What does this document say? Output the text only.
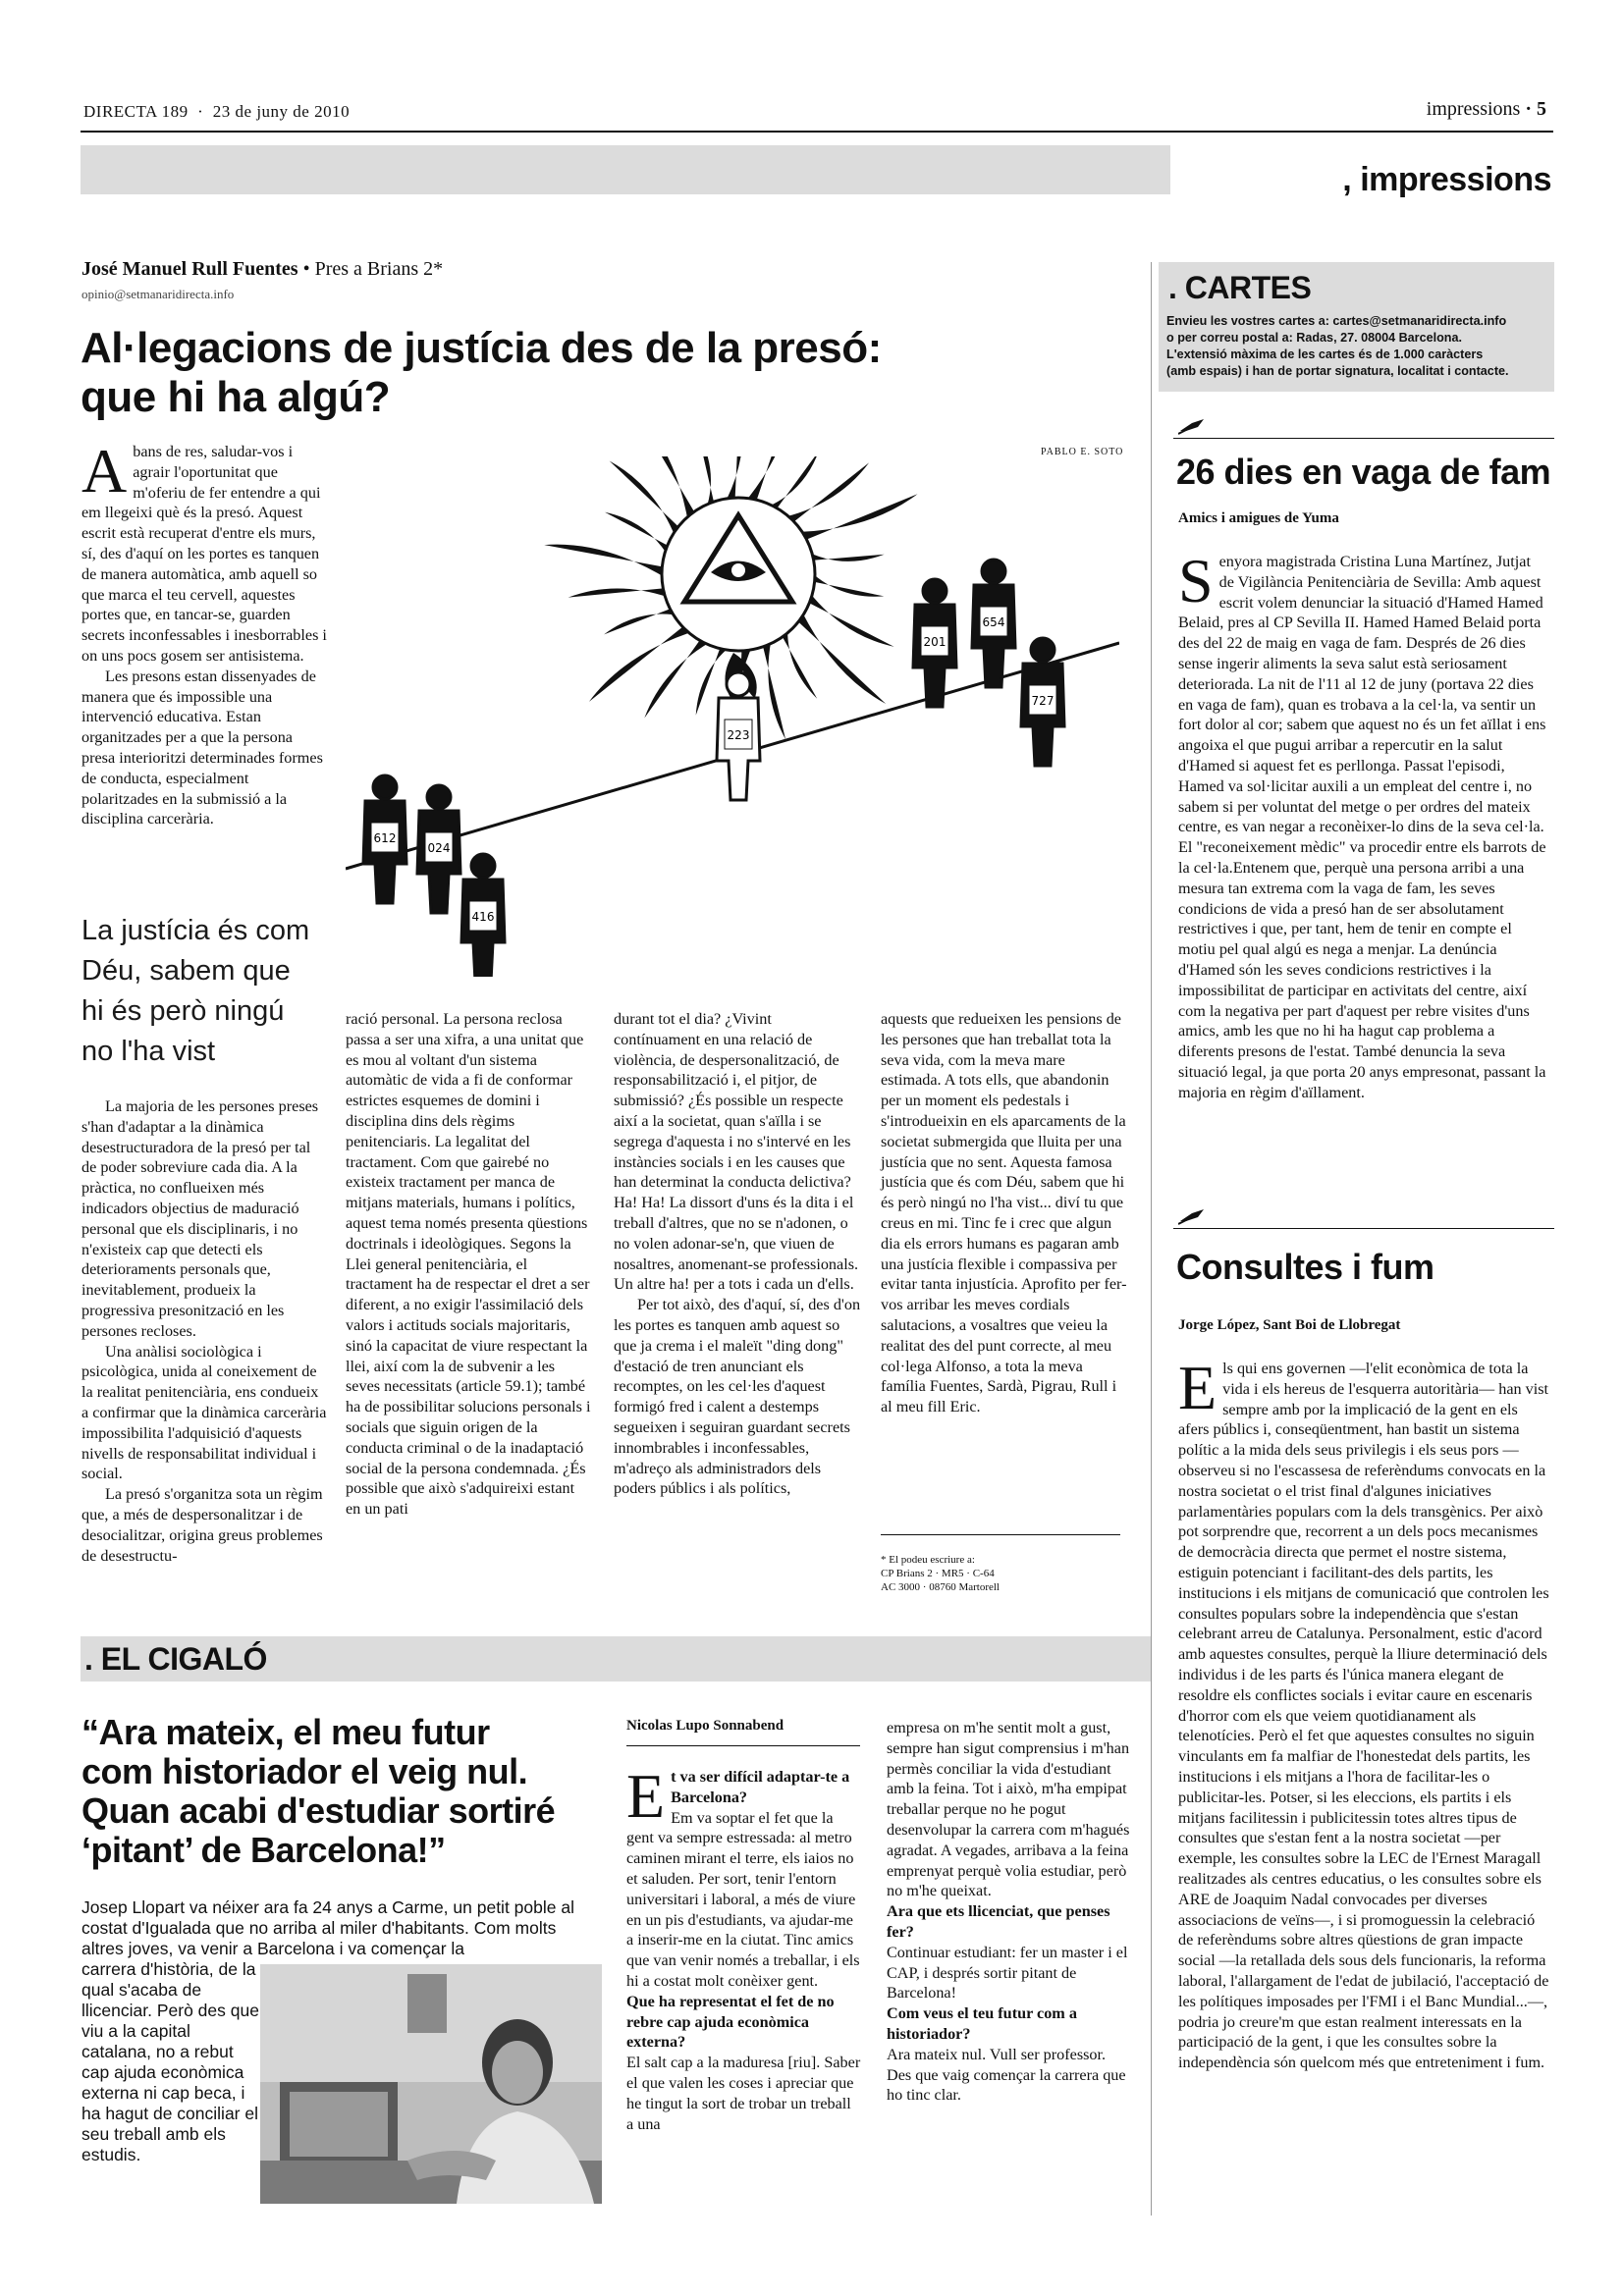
DIRECTA 189  ·  23 de juny de 2010	impressions · 5
, impressions
José Manuel Rull Fuentes • Pres a Brians 2*
opinio@setmanaridirecta.info
Al·legacions de justícia des de la presó:
que hi ha algú?

Abans de res, saludar-vos i agrair l'oportunitat que m'oferiu de fer entendre a qui em llegeixi què és la presó. Aquest escrit està recuperat d'entre els murs, sí, des d'aquí on les portes es tanquen de manera automàtica, amb aquell so que marca el teu cervell, aquestes portes que, en tancar-se, guarden secrets inconfessables i inesborrables i on uns pocs gosem ser antisistema.

Les presons estan dissenyades de manera que és impossible una intervenció educativa. Estan organitzades per a que la persona presa interioritzi determinades formes de conducta, especialment polaritzades en la submissió a la disciplina carcerària.

La justícia és com Déu, sabem que hi és però ningú no l'ha vist

La majoria de les persones preses s'han d'adaptar a la dinàmica desestructuradora de la presó per tal de poder sobreviure cada dia. A la pràctica, no conflueixen més indicadors objectius de maduració personal que els disciplinaris, i no n'existeix cap que detecti els deterioraments personals que, inevitablement, produeix la progressiva presonització en les persones recloses.

Una anàlisi sociològica i psicològica, unida al coneixement de la realitat penitenciària, ens condueix a confirmar que la dinàmica carcerària impossibilita l'adquisició d'aquests nivells de responsabilitat individual i social.

La presó s'organitza sota un règim que, a més de despersonalitzar i de desocialitzar, origina greus problemes de desestructu-

PABLO E. SOTO
612
024
416
223
201
654
727
ració personal. La persona reclosa passa a ser una xifra, a una unitat que es mou al voltant d'un sistema automàtic de vida a fi de conformar estrictes esquemes de domini i disciplina dins dels règims penitenciaris. La legalitat del tractament. Com que gairebé no existeix tractament per manca de mitjans materials, humans i polítics, aquest tema només presenta qüestions doctrinals i ideològiques. Segons la Llei general penitenciària, el tractament ha de respectar el dret a ser diferent, a no exigir l'assimilació dels valors i actituds socials majoritaris, sinó la capacitat de viure respectant la llei, així com la de subvenir a les seves necessitats (article 59.1); també ha de possibilitar solucions personals i socials que siguin origen de la conducta criminal o de la inadaptació social de la persona condemnada. ¿És possible que això s'adquireixi estant en un pati

durant tot el dia? ¿Vivint contínuament en una relació de violència, de despersonalització, de responsabilització i, el pitjor, de submissió? ¿És possible un respecte així a la societat, quan s'aïlla i se segrega d'aquesta i no s'intervé en les instàncies socials i en les causes que han determinat la conducta delictiva? Ha! Ha! La dissort d'uns és la dita i el treball d'altres, que no se n'adonen, o no volen adonar-se'n, que viuen de nosaltres, anomenant-se professionals. Un altre ha! per a tots i cada un d'ells.

Per tot això, des d'aquí, sí, des d'on les portes es tanquen amb aquest so que ja crema i el maleït "ding dong" d'estació de tren anunciant els recomptes, on les cel·les d'aquest formigó fred i calent a destemps segueixen i seguiran guardant secrets innombrables i inconfessables, m'adreço als administradors dels poders públics i als polítics,

aquests que redueixen les pensions de les persones que han treballat tota la seva vida, com la meva mare estimada. A tots ells, que abandonin per un moment els pedestals i s'introdueixin en els aparcaments de la societat submergida que lluita per una justícia que no sent. Aquesta famosa justícia que és com Déu, sabem que hi és però ningú no l'ha vist... diví tu que creus en mi. Tinc fe i crec que algun dia els errors humans es pagaran amb una justícia flexible i compassiva per evitar tanta injustícia. Aprofito per fer-vos arribar les meves cordials salutacions, a vosaltres que veieu la realitat des del punt correcte, al meu col·lega Alfonso, a tota la meva família Fuentes, Sardà, Pigrau, Rull i al meu fill Eric.
* El podeu escriure a:
CP Brians 2 · MR5 · C-64
AC 3000 · 08760 Martorell
. CARTES
Envieu les vostres cartes a: cartes@setmanaridirecta.info
o per correu postal a: Radas, 27. 08004 Barcelona.
L'extensió màxima de les cartes és de 1.000 caràcters
(amb espais) i han de portar signatura, localitat i contacte.
26 dies en vaga de fam
Amics i amigues de Yuma

Senyora magistrada Cristina Luna Martínez, Jutjat de Vigilància Penitenciària de Sevilla: Amb aquest escrit volem denunciar la situació d'Hamed Hamed Belaid, pres al CP Sevilla II. Hamed Hamed Belaid porta des del 22 de maig en vaga de fam. Després de 26 dies sense ingerir aliments la seva salut està seriosament deteriorada. La nit de l'11 al 12 de juny (portava 22 dies en vaga de fam), quan es trobava a la cel·la, va sentir un fort dolor al cor; sabem que aquest no és un fet aïllat i ens angoixa el que pugui arribar a repercutir en la salut d'Hamed si aquest fet es perllonga. Passat l'episodi, Hamed va sol·licitar auxili a un empleat del centre i, no sabem si per voluntat del metge o per ordres del mateix centre, es van negar a reconèixer-lo dins de la seva cel·la. El "reconeixement mèdic" va procedir entre els barrots de la cel·la.Entenem que, perquè una persona arribi a una mesura tan extrema com la vaga de fam, les seves condicions de vida a presó han de ser absolutament restrictives i que, per tant, hem de tenir en compte el motiu pel qual algú es nega a menjar. La denúncia d'Hamed són les seves condicions restrictives i la impossibilitat de participar en activitats del centre, així com la negativa per part d'aquest per rebre visites d'uns amics, amb les que no hi ha hagut cap problema a diferents presons de l'estat. També denuncia la seva situació legal, ja que porta 20 anys empresonat, passant la majoria en règim d'aïllament.

Consultes i fum
Jorge López, Sant Boi de Llobregat

Els qui ens governen —l'elit econòmica de tota la vida i els hereus de l'esquerra autoritària— han vist sempre amb por la implicació de la gent en els afers públics i, conseqüentment, han bastit un sistema polític a la mida dels seus privilegis i els seus pors —observeu si no l'escassesa de referèndums convocats en la nostra societat o el trist final d'algunes iniciatives parlamentàries populars com la dels transgènics. Per això pot sorprendre que, recorrent a un dels pocs mecanismes de democràcia directa que permet el nostre sistema, estiguin potenciant i facilitant-des dels partits, les institucions i els mitjans de comunicació que controlen les consultes populars sobre la independència que s'estan celebrant arreu de Catalunya. Personalment, estic d'acord amb aquestes consultes, perquè la lliure determinació dels individus i de les parts és l'única manera elegant de resoldre els conflictes socials i evitar caure en escenaris d'horror com els que veiem quotidianament als telenotícies. Però el fet que aquestes consultes no siguin vinculants em fa malfiar de l'honestedat dels partits, les institucions i els mitjans a l'hora de facilitar-les o publicitar-les. Potser, si les eleccions, els partits i els mitjans facilitessin i publicitessin totes altres tipus de consultes que s'estan fent a la nostra societat —per exemple, les consultes sobre la LEC de l'Ernest Maragall realitzades als centres educatius, o les consultes sobre els ARE de Joaquim Nadal convocades per diverses associacions de veïns—, i si promoguessin la celebració de referèndums sobre altres qüestions de gran impacte social —la retallada dels sous dels funcionaris, la reforma laboral, l'allargament de l'edat de jubilació, l'acceptació de les polítiques imposades per l'FMI i el Banc Mundial...—, podria jo creure'm que estan realment interessats en la participació de la gent, i que les consultes sobre la independència són quelcom més que entreteniment i fum.

. EL CIGALÓ
“Ara mateix, el meu futur
com historiador el veig nul.
Quan acabi d'estudiar sortiré
‘pitant’ de Barcelona!”
Josep Llopart va néixer ara fa 24 anys a Carme, un petit poble al costat d'Igualada que no arriba al miler d'habitants. Com molts altres joves, va venir a Barcelona i va començar la
carrera d'història, de la qual s'acaba de llicenciar. Però des que viu a la capital catalana, no a rebut cap ajuda econòmica externa ni cap beca, i ha hagut de conciliar el seu treball amb els estudis.
Nicolas Lupo Sonnabend

Et va ser difícil adaptar-te a Barcelona?

Em va soptar el fet que la gent va sempre estressada: al metro caminen mirant el terre, els iaios no et saluden. Per sort, tenir l'entorn universitari i laboral, a més de viure en un pis d'estudiants, va ajudar-me a inserir-me en la ciutat. Tinc amics que van venir només a treballar, i els hi a costat molt conèixer gent.

Que ha representat el fet de no rebre cap ajuda econòmica externa?

El salt cap a la maduresa [riu]. Saber el que valen les coses i apreciar que he tingut la sort de trobar un treball a una

empresa on m'he sentit molt a gust, sempre han sigut comprensius i m'han permès conciliar la vida d'estudiant amb la feina. Tot i això, m'ha empipat treballar perque no he pogut desenvolupar la carrera com m'hagués agradat. A vegades, arribava a la feina emprenyat perquè volia estudiar, però no m'he queixat.

Ara que ets llicenciat, que penses fer?

Continuar estudiant: fer un master i el CAP, i després sortir pitant de Barcelona!

Com veus el teu futur com a historiador?

Ara mateix nul. Vull ser professor. Des que vaig començar la carrera que ho tinc clar.
